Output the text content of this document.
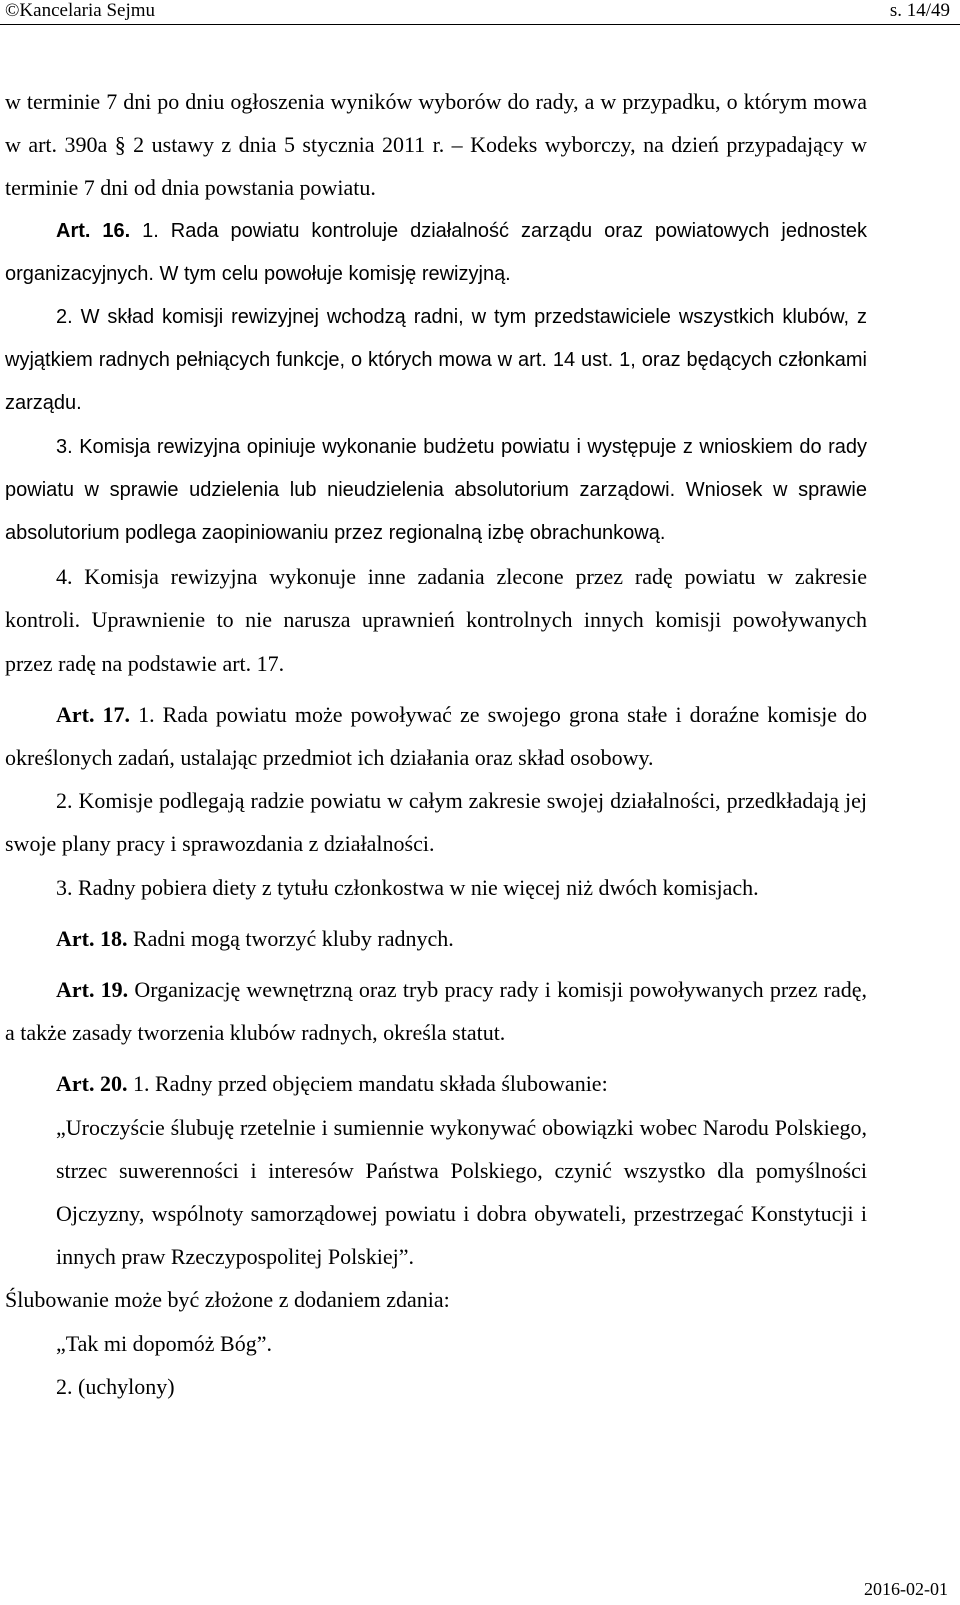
©Kancelaria Sejmu	s. 14/49

w terminie 7 dni po dniu ogłoszenia wyników wyborów do rady, a w przypadku, o którym mowa w art. 390a § 2 ustawy z dnia 5 stycznia 2011 r. – Kodeks wyborczy, na dzień przypadający w terminie 7 dni od dnia powstania powiatu.

Art. 16. 1. Rada powiatu kontroluje działalność zarządu oraz powiatowych jednostek organizacyjnych. W tym celu powołuje komisję rewizyjną.

2. W skład komisji rewizyjnej wchodzą radni, w tym przedstawiciele wszystkich klubów, z wyjątkiem radnych pełniących funkcje, o których mowa w art. 14 ust. 1, oraz będących członkami zarządu.

3. Komisja rewizyjna opiniuje wykonanie budżetu powiatu i występuje z wnioskiem do rady powiatu w sprawie udzielenia lub nieudzielenia absolutorium zarządowi. Wniosek w sprawie absolutorium podlega zaopiniowaniu przez regionalną izbę obrachunkową.

4. Komisja rewizyjna wykonuje inne zadania zlecone przez radę powiatu w zakresie kontroli. Uprawnienie to nie narusza uprawnień kontrolnych innych komisji powoływanych przez radę na podstawie art. 17.

Art. 17. 1. Rada powiatu może powoływać ze swojego grona stałe i doraźne komisje do określonych zadań, ustalając przedmiot ich działania oraz skład osobowy.

2. Komisje podlegają radzie powiatu w całym zakresie swojej działalności, przedkładają jej swoje plany pracy i sprawozdania z działalności.

3. Radny pobiera diety z tytułu członkostwa w nie więcej niż dwóch komisjach.

Art. 18. Radni mogą tworzyć kluby radnych.

Art. 19. Organizację wewnętrzną oraz tryb pracy rady i komisji powoływanych przez radę, a także zasady tworzenia klubów radnych, określa statut.

Art. 20. 1. Radny przed objęciem mandatu składa ślubowanie:

„Uroczyście ślubuję rzetelnie i sumiennie wykonywać obowiązki wobec Narodu Polskiego, strzec suwerenności i interesów Państwa Polskiego, czynić wszystko dla pomyślności Ojczyzny, wspólnoty samorządowej powiatu i dobra obywateli, przestrzegać Konstytucji i innych praw Rzeczypospolitej Polskiej”.

Ślubowanie może być złożone z dodaniem zdania:

„Tak mi dopomóż Bóg”.

2. (uchylony)

2016-02-01
